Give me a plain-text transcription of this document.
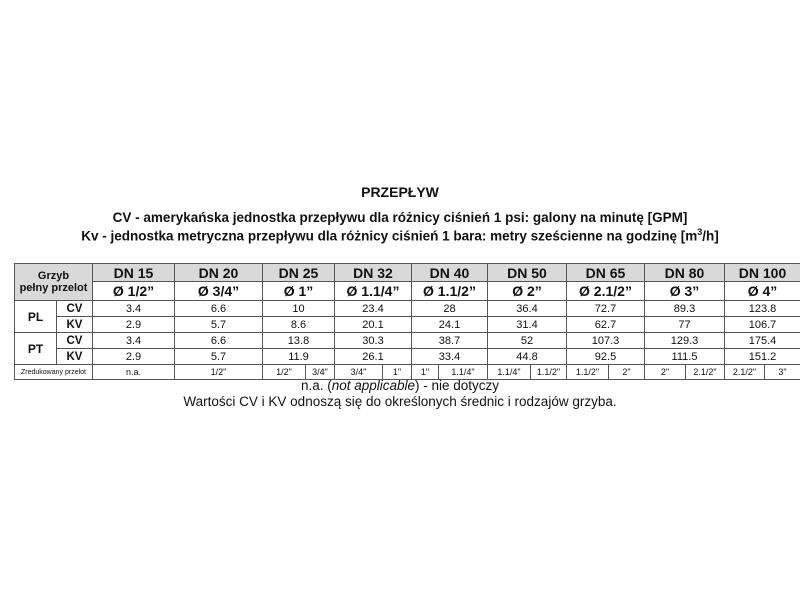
PRZEPŁYW
CV - amerykańska jednostka przepływu dla różnicy ciśnień 1 psi: galony na minutę [GPM]
Kv - jednostka metryczna przepływu dla różnicy ciśnień 1 bara: metry sześcienne na godzinę $[m^3/h]$
Grzyb
pełny przelot		DN 15	DN 20	DN 25		DN 32		DN 40		DN 50		DN 65		DN 80		DN 100	
		Ø 1/2”	Ø 3/4”	Ø 1”		Ø 1.1/4”		Ø 1.1/2”		Ø 2”		Ø 2.1/2”		Ø 3”		Ø 4”	
PL	CV	3.4	6.6	10		23.4		28		36.4		72.7		89.3		123.8	
	KV	2.9	5.7	8.6		20.1		24.1		31.4		62.7		77		106.7	
PT	CV	3.4	6.6	13.8		30.3		38.7		52		107.3		129.3		175.4	
	KV	2.9	5.7	11.9		26.1		33.4		44.8		92.5		111.5		151.2	
Zredukowany przelot		n.a.	1/2"	1/2"	3/4"	3/4"	1"	1"	1.1/4"	1.1/4"	1.1/2"	1.1/2"	2"	2"	2.1/2"	2.1/2"	3"
n.a. (not applicable) - nie dotyczy
Wartości CV i KV odnoszą się do określonych średnic i rodzajów grzyba.
